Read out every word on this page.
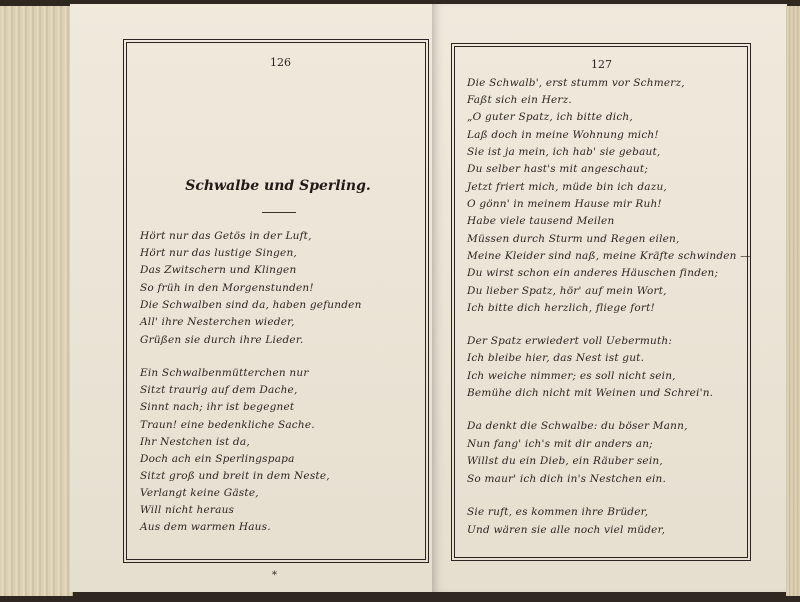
126	127
Schwalbe und Sperling.
Hört nur das Getös in der Luft,
Hört nur das lustige Singen,
Das Zwitschern und Klingen
So früh in den Morgenstunden!
Die Schwalben sind da, haben gefunden
All' ihre Nesterchen wieder,
Grüßen sie durch ihre Lieder.
Ein Schwalbenmütterchen nur
Sitzt traurig auf dem Dache,
Sinnt nach; ihr ist begegnet
Traun! eine bedenkliche Sache.
Ihr Nestchen ist da,
Doch ach ein Sperlingspapa
Sitzt groß und breit in dem Neste,
Verlangt keine Gäste,
Will nicht heraus
Aus dem warmen Haus.
*
Die Schwalb', erst stumm vor Schmerz,
Faßt sich ein Herz.
„O guter Spatz, ich bitte dich,
Laß doch in meine Wohnung mich!
Sie ist ja mein, ich hab' sie gebaut,
Du selber hast's mit angeschaut;
Jetzt friert mich, müde bin ich dazu,
O gönn' in meinem Hause mir Ruh!
Habe viele tausend Meilen
Müssen durch Sturm und Regen eilen,
Meine Kleider sind naß, meine Kräfte schwinden —
Du wirst schon ein anderes Häuschen finden;
Du lieber Spatz, hör' auf mein Wort,
Ich bitte dich herzlich, fliege fort!
Der Spatz erwiedert voll Uebermuth:
Ich bleibe hier, das Nest ist gut.
Ich weiche nimmer; es soll nicht sein,
Bemühe dich nicht mit Weinen und Schrei'n.
Da denkt die Schwalbe: du böser Mann,
Nun fang' ich's mit dir anders an;
Willst du ein Dieb, ein Räuber sein,
So maur' ich dich in's Nestchen ein.
Sie ruft, es kommen ihre Brüder,
Und wären sie alle noch viel müder,
